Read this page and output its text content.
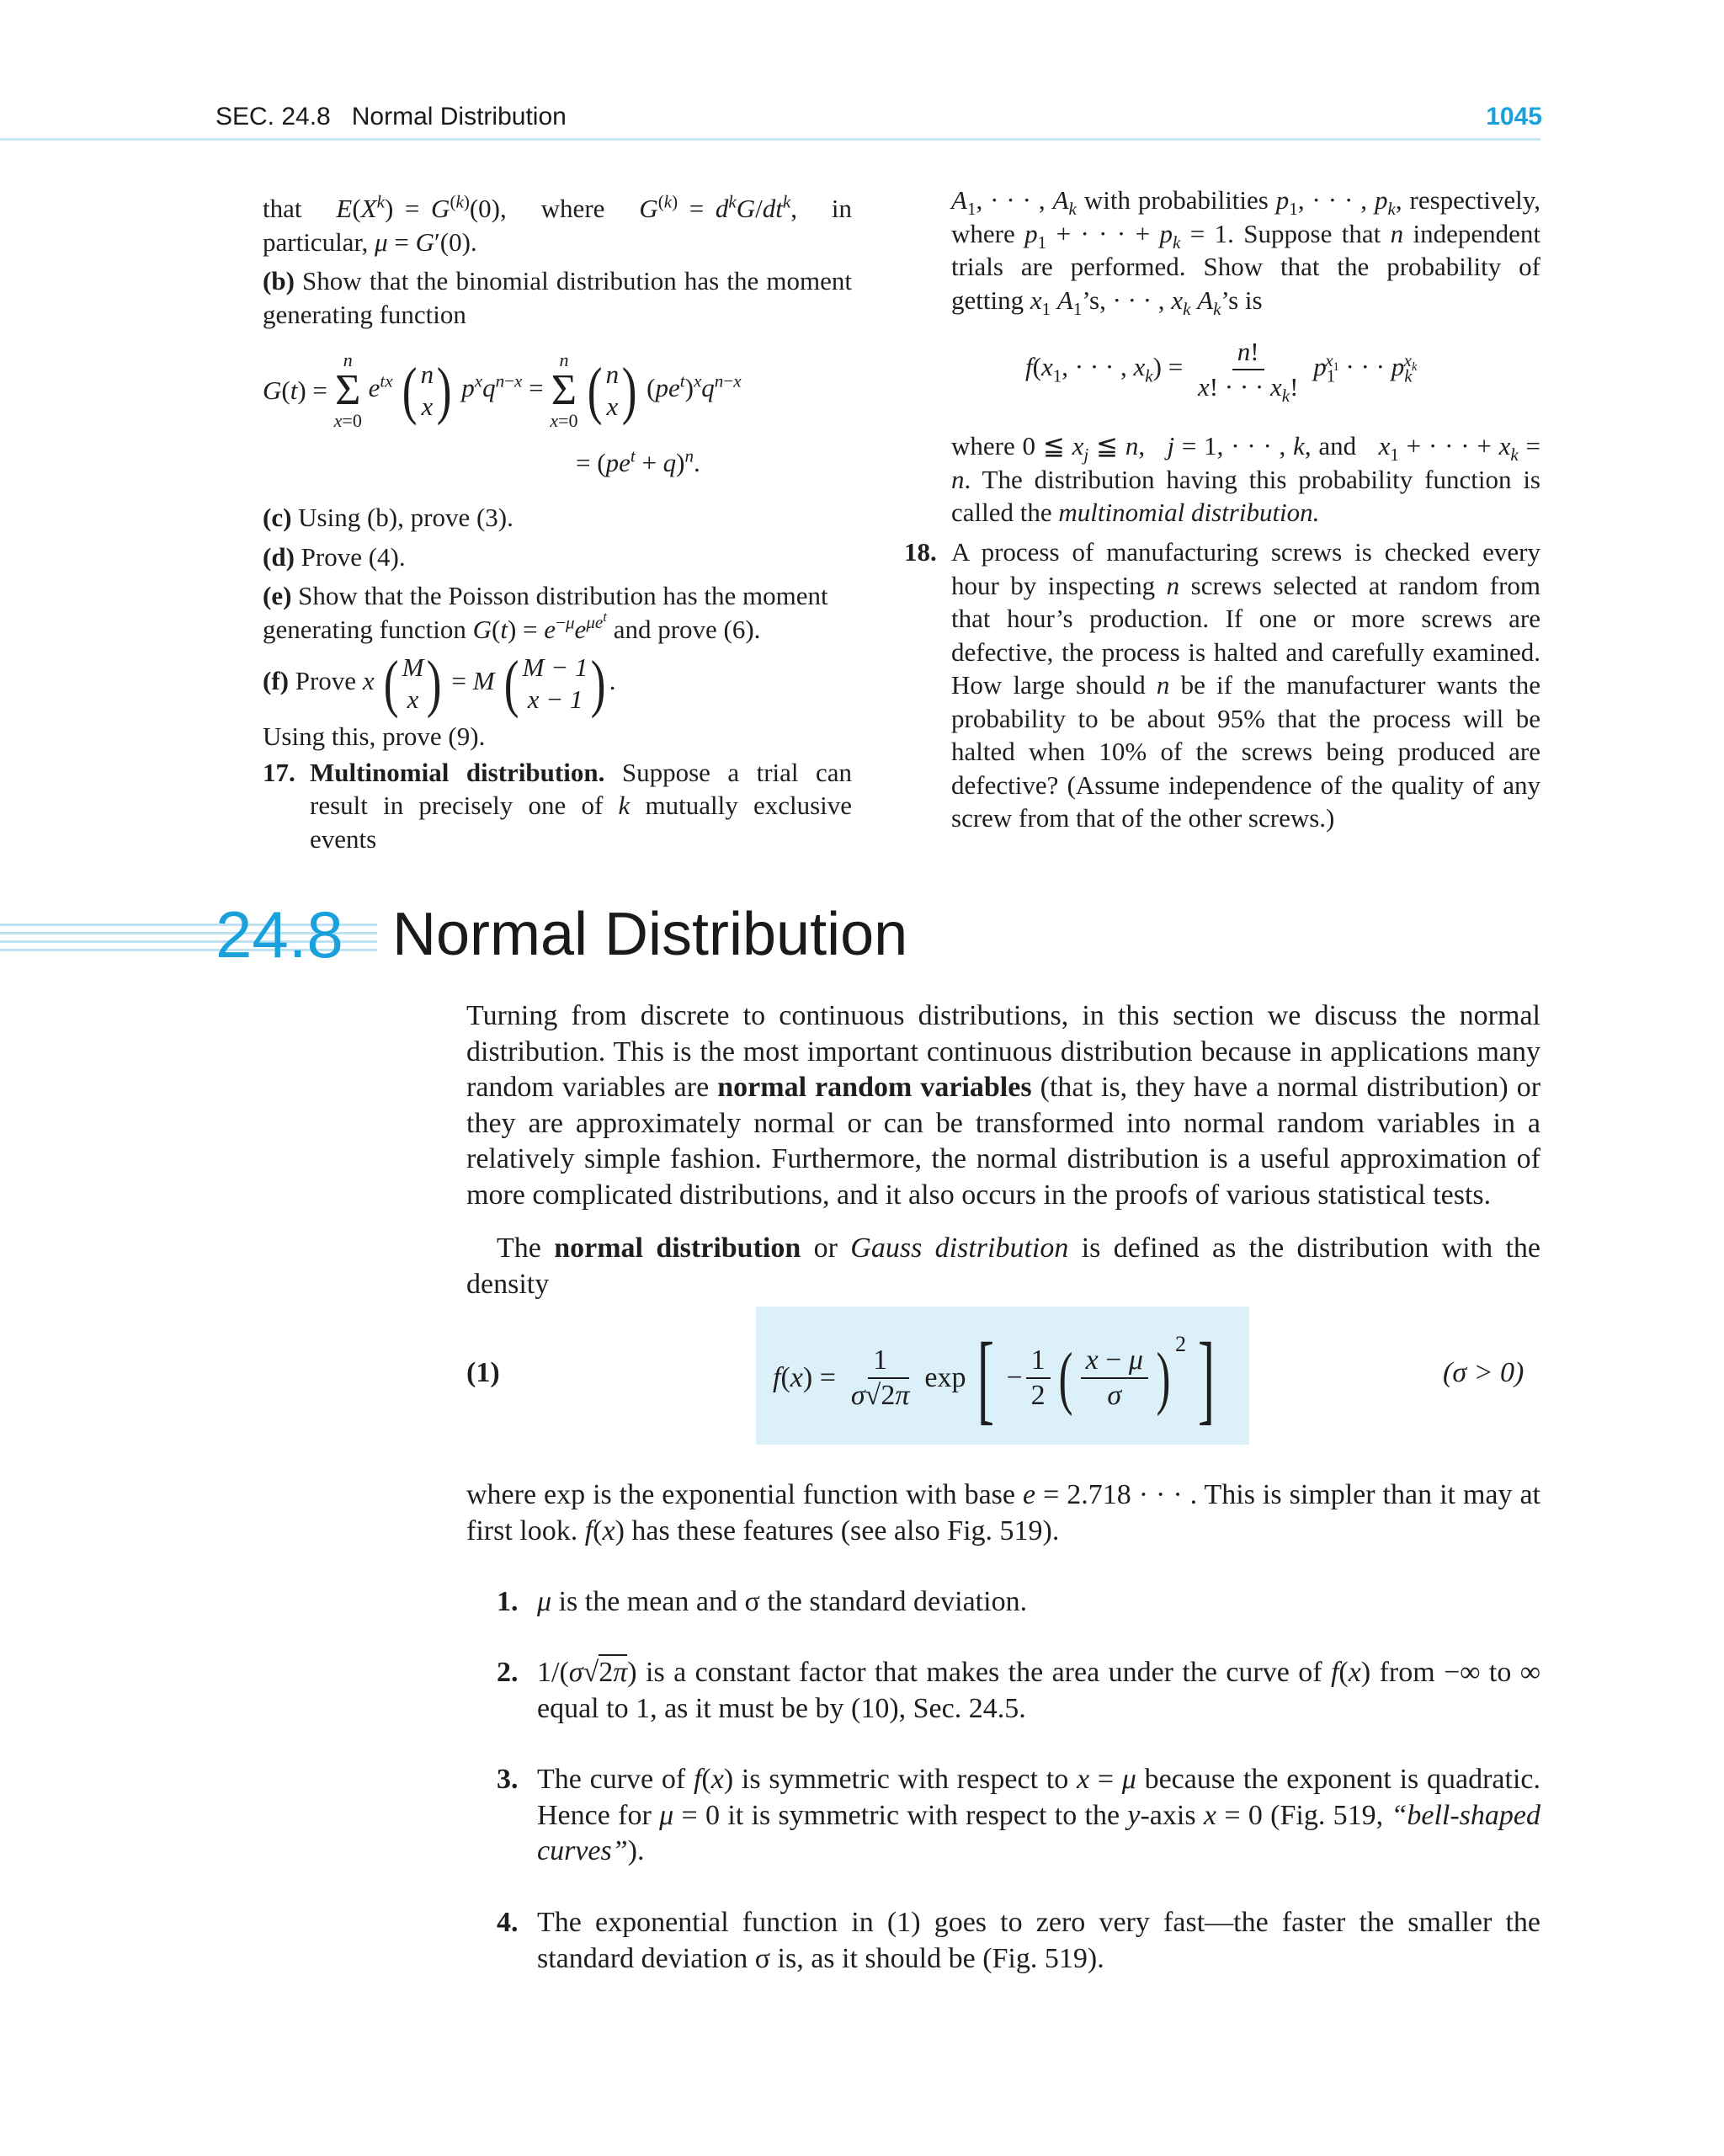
SEC. 24.8   Normal Distribution	1045

that $E(X^k) = G^{(k)}(0)$,   where $G^{(k)} = d^kG/dt^k$,   in particular, μ = G′(0).

(b) Show that the binomial distribution has the moment generating function

G(t) =
n
Σ
x=0
$e^{tx}$ ( n
x ) $p^xq^{n-x}$ =
n
Σ
x=0
( n
x ) $(pe^t)^xq^{n-x}$
= $(pe^t + q)^n$.

(c) Using (b), prove (3).

(d) Prove (4).

(e) Show that the Poisson distribution has the moment generating function $G(t) = e^{-\mu}e^{\mu e^t}$ and prove (6).

(f) Prove x ( M
x ) = M ( M − 1
x − 1 ) .

Using this, prove (9).

17. Multinomial distribution. Suppose a trial can result in precisely one of k mutually exclusive events

$A_1$, · · · , $A_k$ with probabilities $p_1$, · · · , $p_k$, respectively, where $p_1$ + · · · + $p_k = 1$. Suppose that n independent trials are performed. Show that the probability of getting $x_1$ $A_1’s$, · · · , $x_k$ $A_k’s$ is

$f(x_1$, · · · , $x_k) = \frac{n!}{x! \cdot \cdot \cdot x_k!} p_1^{x_1}$ · · · $p_k^{x_k}$

where 0 ≦ $x_j$ ≦ n,   j = 1, · · · , k, and $x_1$ + · · · + $x_k = n$. The distribution having this probability function is called the multinomial distribution.

18. A process of manufacturing screws is checked every hour by inspecting n screws selected at random from that hour’s production. If one or more screws are defective, the process is halted and carefully examined. How large should n be if the manufacturer wants the probability to be about 95% that the process will be halted when 10% of the screws being produced are defective? (Assume independence of the quality of any screw from that of the other screws.)

24.8 Normal Distribution

Turning from discrete to continuous distributions, in this section we discuss the normal distribution. This is the most important continuous distribution because in applications many random variables are normal random variables (that is, they have a normal distribution) or they are approximately normal or can be transformed into normal random variables in a relatively simple fashion. Furthermore, the normal distribution is a useful approximation of more complicated distributions, and it also occurs in the proofs of various statistical tests.

The normal distribution or Gauss distribution is defined as the distribution with the density

(1)	(σ > 0)
$f(x) = \frac{1}{\sigma√2\pi}$ exp [ − $\frac{1}{2}$ ( $\frac{x - \mu}{\sigma} )^2$ ]

where exp is the exponential function with base e = 2.718 · · · . This is simpler than it may at first look. f(x) has these features (see also Fig. 519).

1. μ is the mean and σ the standard deviation.
2. 1/(σ√2π) is a constant factor that makes the area under the curve of f(x) from −∞ to ∞ equal to 1, as it must be by (10), Sec. 24.5.
3. The curve of f(x) is symmetric with respect to x = μ because the exponent is quadratic. Hence for μ = 0 it is symmetric with respect to the y-axis x = 0 (Fig. 519, “bell-shaped curves”).
4. The exponential function in (1) goes to zero very fast—the faster the smaller the standard deviation σ is, as it should be (Fig. 519).
